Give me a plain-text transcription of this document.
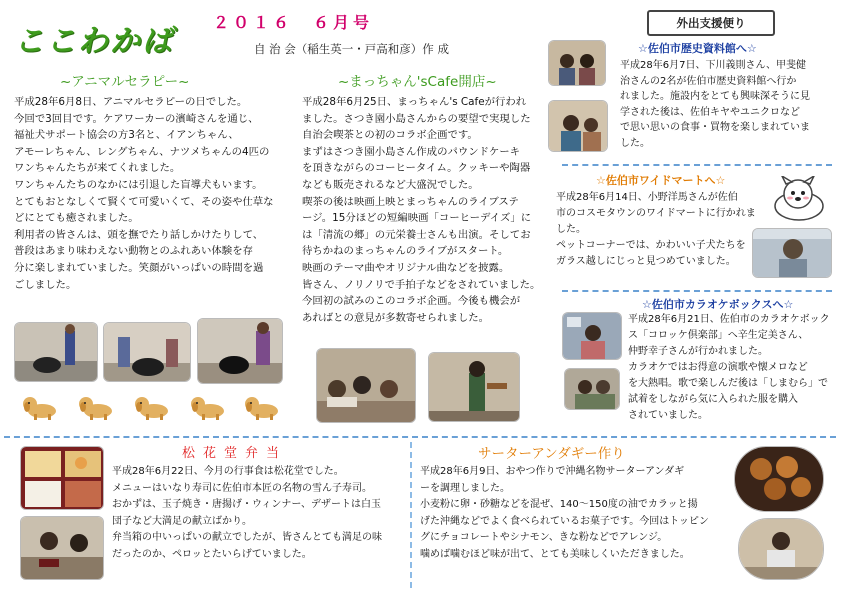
ここわかば
２０１６　６月号
自 治 会（稲生英一・戸高和彦）作 成
外出支援便り
~アニマルセラピー~
平成28年6月8日、アニマルセラピーの日でした。
今回で3回目です。ケアワーカーの濱崎さんを通じ、
福祉犬サポート協会の方3名と、イアンちゃん、
アモーレちゃん、レングちゃん、ナツメちゃんの4匹の
ワンちゃんたちが来てくれました。
ワンちゃんたちのなかには引退した盲導犬もいます。
とてもおとなしくて賢くて可愛いくて、その姿や仕草な
どにとても癒されました。
利用者の皆さんは、頭を撫でたり話しかけたりして、
普段はあまり味わえない動物とのふれあい体験を存
分に楽しまれていました。笑顔がいっぱいの時間を過
ごしました。
~まっちゃん'sCafe開店~
平成28年6月25日、まっちゃん's Cafeが行われ
ました。さつき園小島さんからの要望で実現した
自治会喫茶との初のコラボ企画です。
まずはさつき園小島さん作成のパウンドケーキ
を頂きながらのコーヒータイム。クッキーや陶器
なども販売されるなど大盛況でした。
喫茶の後は映画上映とまっちゃんのライブステ
ージ。15分ほどの短編映画「コーヒーデイズ」に
は「清流の郷」の元栄養士さんも出演。そしてお
待ちかねのまっちゃんのライブがスタート。
映画のテーマ曲やオリジナル曲などを披露。
皆さん、ノリノリで手拍子などをされていました。
今回初の試みのこのコラボ企画。今後も機会が
あればとの意見が多数寄せられました。
☆佐伯市歴史資料館へ☆
平成28年6月7日、下川義則さん、甲斐健
治さんの2名が佐伯市歴史資料館へ行か
れました。施設内をとても興味深そうに見
学された後は、佐伯キヤやユニクロなど
で思い思いの食事・買物を楽しまれていま
した。
☆佐伯市ワイドマートへ☆
平成28年6月14日、小野洋馬さんが佐伯
市のコスモタウンのワイドマートに行かれま
した。
ペットコーナーでは、かわいい子犬たちを
ガラス越しにじっと見つめていました。
☆佐伯市カラオケボックスへ☆
平成28年6月21日、佐伯市のカラオケボック
ス「コロッケ倶楽部」へ辛生定美さん、
仲野幸子さんが行かれました。
カラオケではお得意の演歌や懐メロなど
を大熱唱。歌で楽しんだ後は「しまむら」で
試着をしながら気に入られた服を購入
されていました。
松花堂弁当
平成28年6月22日、今月の行事食は松花堂でした。
メニューはいなり寿司に佐伯市本匠の名物の雪ん子寿司。
おかずは、玉子焼き・唐揚げ・ウィンナー、デザートは白玉
団子など大満足の献立ばかり。
弁当箱の中いっぱいの献立でしたが、皆さんとても満足の味
だったのか、ペロッとたいらげていました。
サーターアンダギー作り
平成28年6月9日、おやつ作りで沖縄名物サーターアンダギ
ーを調理しました。
小麦粉に卵・砂糖などを混ぜ、140～150度の油でカラッと揚
げた沖縄などでよく食べられているお菓子です。今回はトッピン
グにチョコレートやシナモン、きな粉などでアレンジ。
噛めば噛むほど味が出て、とても美味しくいただきました。
